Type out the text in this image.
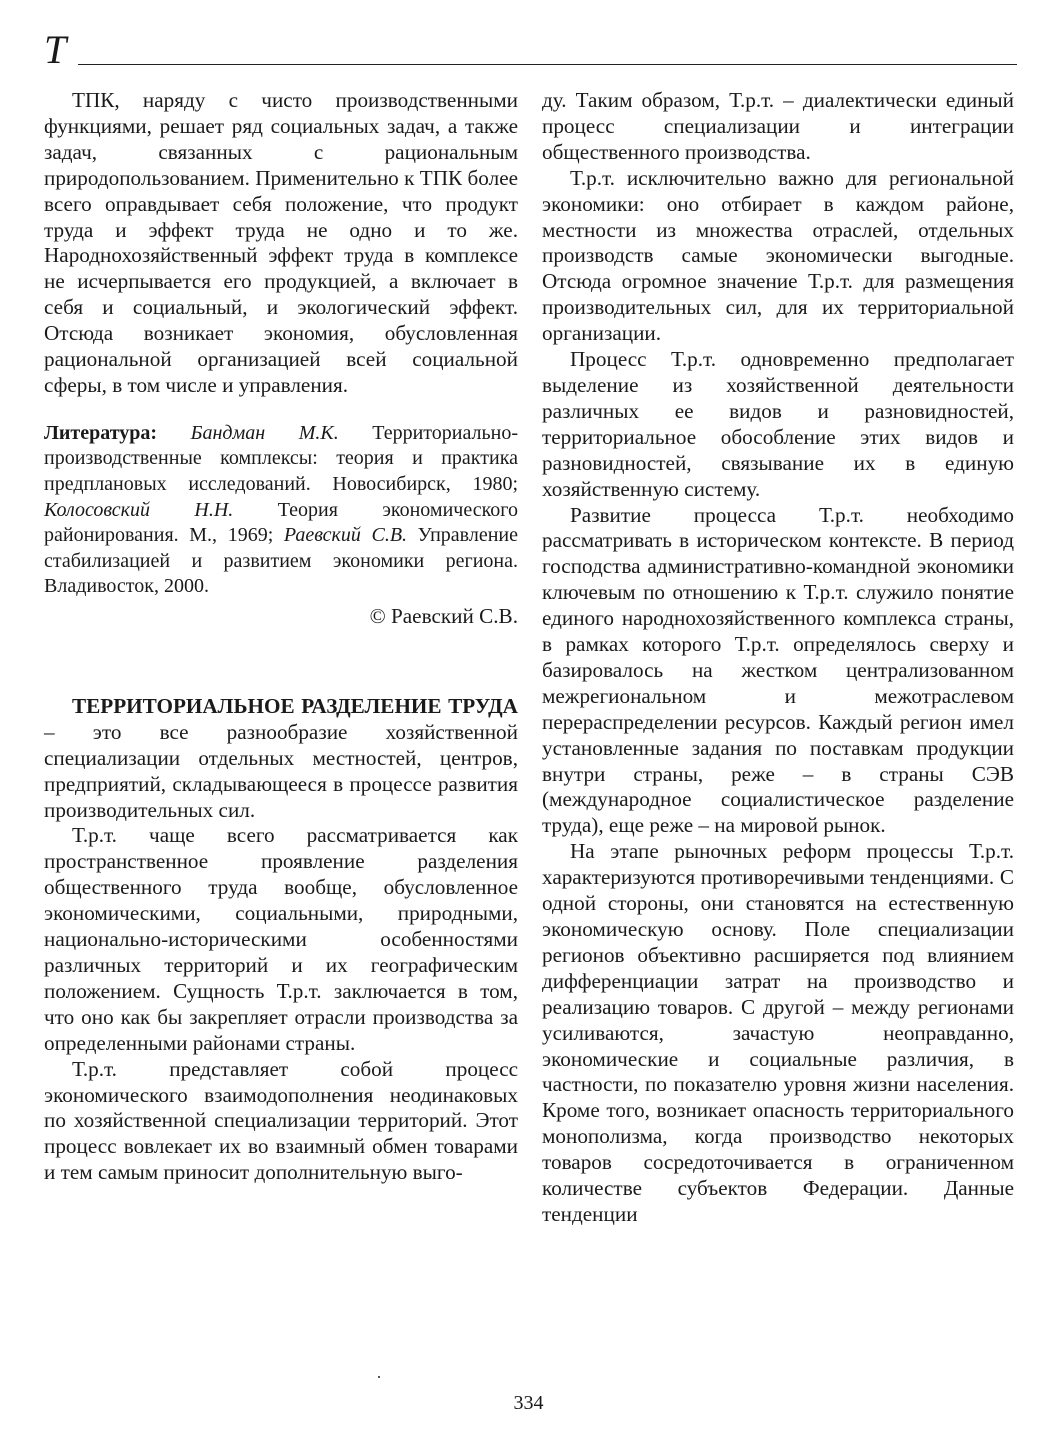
Т

ТПК, наряду с чисто производственными функциями, решает ряд социальных задач, а также задач, связанных с рациональным природопользованием. Применительно к ТПК более всего оправдывает себя положение, что продукт труда и эффект труда не одно и то же. Народнохозяйственный эффект труда в комплексе не исчерпывается его продукцией, а включает в себя и социальный, и экологический эффект. Отсюда возникает экономия, обусловленная рациональной организацией всей социальной сферы, в том числе и управления.

Литература: Бандман М.К. Территориально-производственные комплексы: теория и практика предплановых исследований. Новосибирск, 1980; Колосовский Н.Н. Теория экономического районирования. М., 1969; Раевский С.В. Управление стабилизацией и развитием экономики региона. Владивосток, 2000.

© Раевский С.В.

ТЕРРИТОРИАЛЬНОЕ РАЗДЕЛЕНИЕ ТРУДА – это все разнообразие хозяйственной специализации отдельных местностей, центров, предприятий, складывающееся в процессе развития производительных сил.

Т.р.т. чаще всего рассматривается как пространственное проявление разделения общественного труда вообще, обусловленное экономическими, социальными, природными, национально-историческими особенностями различных территорий и их географическим положением. Сущность Т.р.т. заключается в том, что оно как бы закрепляет отрасли производства за определенными районами страны.

Т.р.т. представляет собой процесс экономического взаимодополнения неодинаковых по хозяйственной специализации территорий. Этот процесс вовлекает их во взаимный обмен товарами и тем самым приносит дополнительную выго-

ду. Таким образом, Т.р.т. – диалектически единый процесс специализации и интеграции общественного производства.

Т.р.т. исключительно важно для региональной экономики: оно отбирает в каждом районе, местности из множества отраслей, отдельных производств самые экономически выгодные. Отсюда огромное значение Т.р.т. для размещения производительных сил, для их территориальной организации.

Процесс Т.р.т. одновременно предполагает выделение из хозяйственной деятельности различных ее видов и разновидностей, территориальное обособление этих видов и разновидностей, связывание их в единую хозяйственную систему.

Развитие процесса Т.р.т. необходимо рассматривать в историческом контексте. В период господства административно-командной экономики ключевым по отношению к Т.р.т. служило понятие единого народнохозяйственного комплекса страны, в рамках которого Т.р.т. определялось сверху и базировалось на жестком централизованном межрегиональном и межотраслевом перераспределении ресурсов. Каждый регион имел установленные задания по поставкам продукции внутри страны, реже – в страны СЭВ (международное социалистическое разделение труда), еще реже – на мировой рынок.

На этапе рыночных реформ процессы Т.р.т. характеризуются противоречивыми тенденциями. С одной стороны, они становятся на естественную экономическую основу. Поле специализации регионов объективно расширяется под влиянием дифференциации затрат на производство и реализацию товаров. С другой – между регионами усиливаются, зачастую неоправданно, экономические и социальные различия, в частности, по показателю уровня жизни населения. Кроме того, возникает опасность территориального монополизма, когда производство некоторых товаров сосредоточивается в ограниченном количестве субъектов Федерации. Данные тенденции

334
